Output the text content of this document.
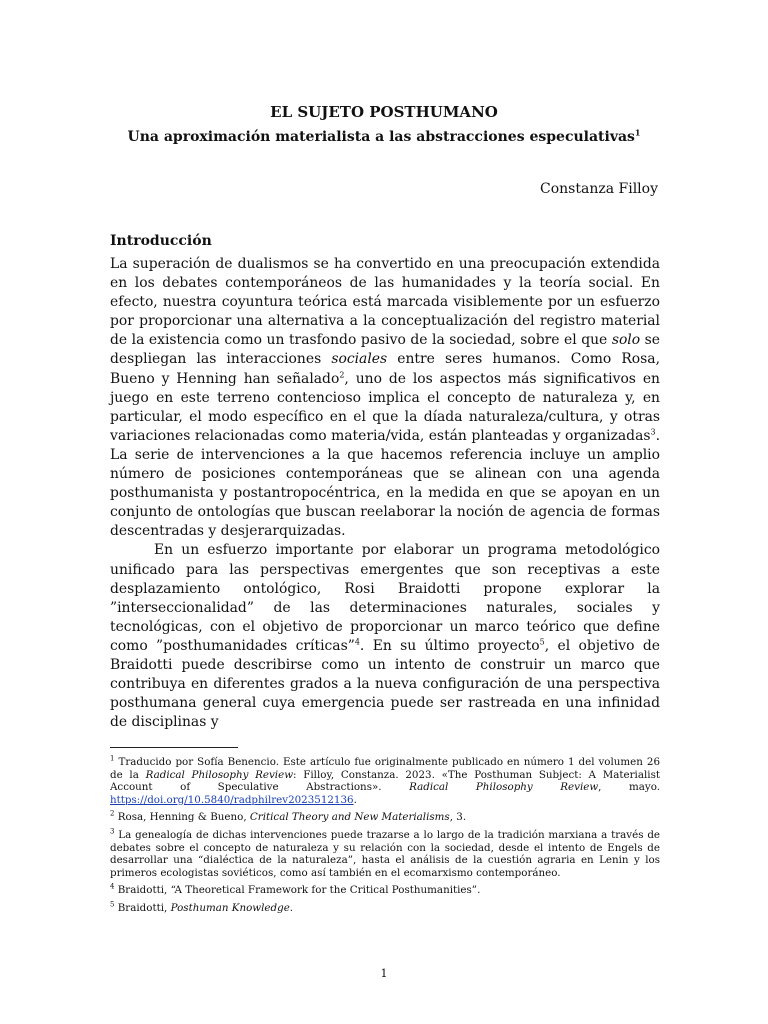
EL SUJETO POSTHUMANO
Una aproximación materialista a las abstracciones especulativas$^1$
Constanza Filloy
Introducción

La superación de dualismos se ha convertido en una preocupación extendida en los debates contemporáneos de las humanidades y la teoría social. En efecto, nuestra coyuntura teórica está marcada visiblemente por un esfuerzo por proporcionar una alternativa a la conceptualización del registro material de la existencia como un trasfondo pasivo de la sociedad, sobre el que solo se despliegan las interacciones sociales entre seres humanos. Como Rosa, Bueno y Henning han señalado$^2$, uno de los aspectos más significativos en juego en este terreno contencioso implica el concepto de naturaleza y, en particular, el modo específico en el que la díada naturaleza/cultura, y otras variaciones relacionadas como materia/vida, están planteadas y organizadas$^3$. La serie de intervenciones a la que hacemos referencia incluye un amplio número de posiciones contemporáneas que se alinean con una agenda posthumanista y postantropocéntrica, en la medida en que se apoyan en un conjunto de ontologías que buscan reelaborar la noción de agencia de formas descentradas y desjerarquizadas.

En un esfuerzo importante por elaborar un programa metodológico unificado para las perspectivas emergentes que son receptivas a este desplazamiento ontológico, Rosi Braidotti propone explorar la ”interseccionalidad” de las determinaciones naturales, sociales y tecnológicas, con el objetivo de proporcionar un marco teórico que define como ”posthumanidades críticas”$^4$. En su último proyecto$^5$, el objetivo de Braidotti puede describirse como un intento de construir un marco que contribuya en diferentes grados a la nueva configuración de una perspectiva posthumana general cuya emergencia puede ser rastreada en una infinidad de disciplinas y

$^1$ Traducido por Sofía Benencio. Este artículo fue originalmente publicado en número 1 del volumen 26 de la Radical Philosophy Review: Filloy, Constanza. 2023. «The Posthuman Subject: A Materialist Account of Speculative Abstractions». Radical Philosophy Review, mayo. https://doi.org/10.5840/radphilrev2023512136.

$^2$ Rosa, Henning & Bueno, Critical Theory and New Materialisms, 3.

$^3$ La genealogía de dichas intervenciones puede trazarse a lo largo de la tradición marxiana a través de debates sobre el concepto de naturaleza y su relación con la sociedad, desde el intento de Engels de desarrollar una “dialéctica de la naturaleza”, hasta el análisis de la cuestión agraria en Lenin y los primeros ecologistas soviéticos, como así también en el ecomarxismo contemporáneo.

$^4$ Braidotti, “A Theoretical Framework for the Critical Posthumanities”.

$^5$ Braidotti, Posthuman Knowledge.

1
